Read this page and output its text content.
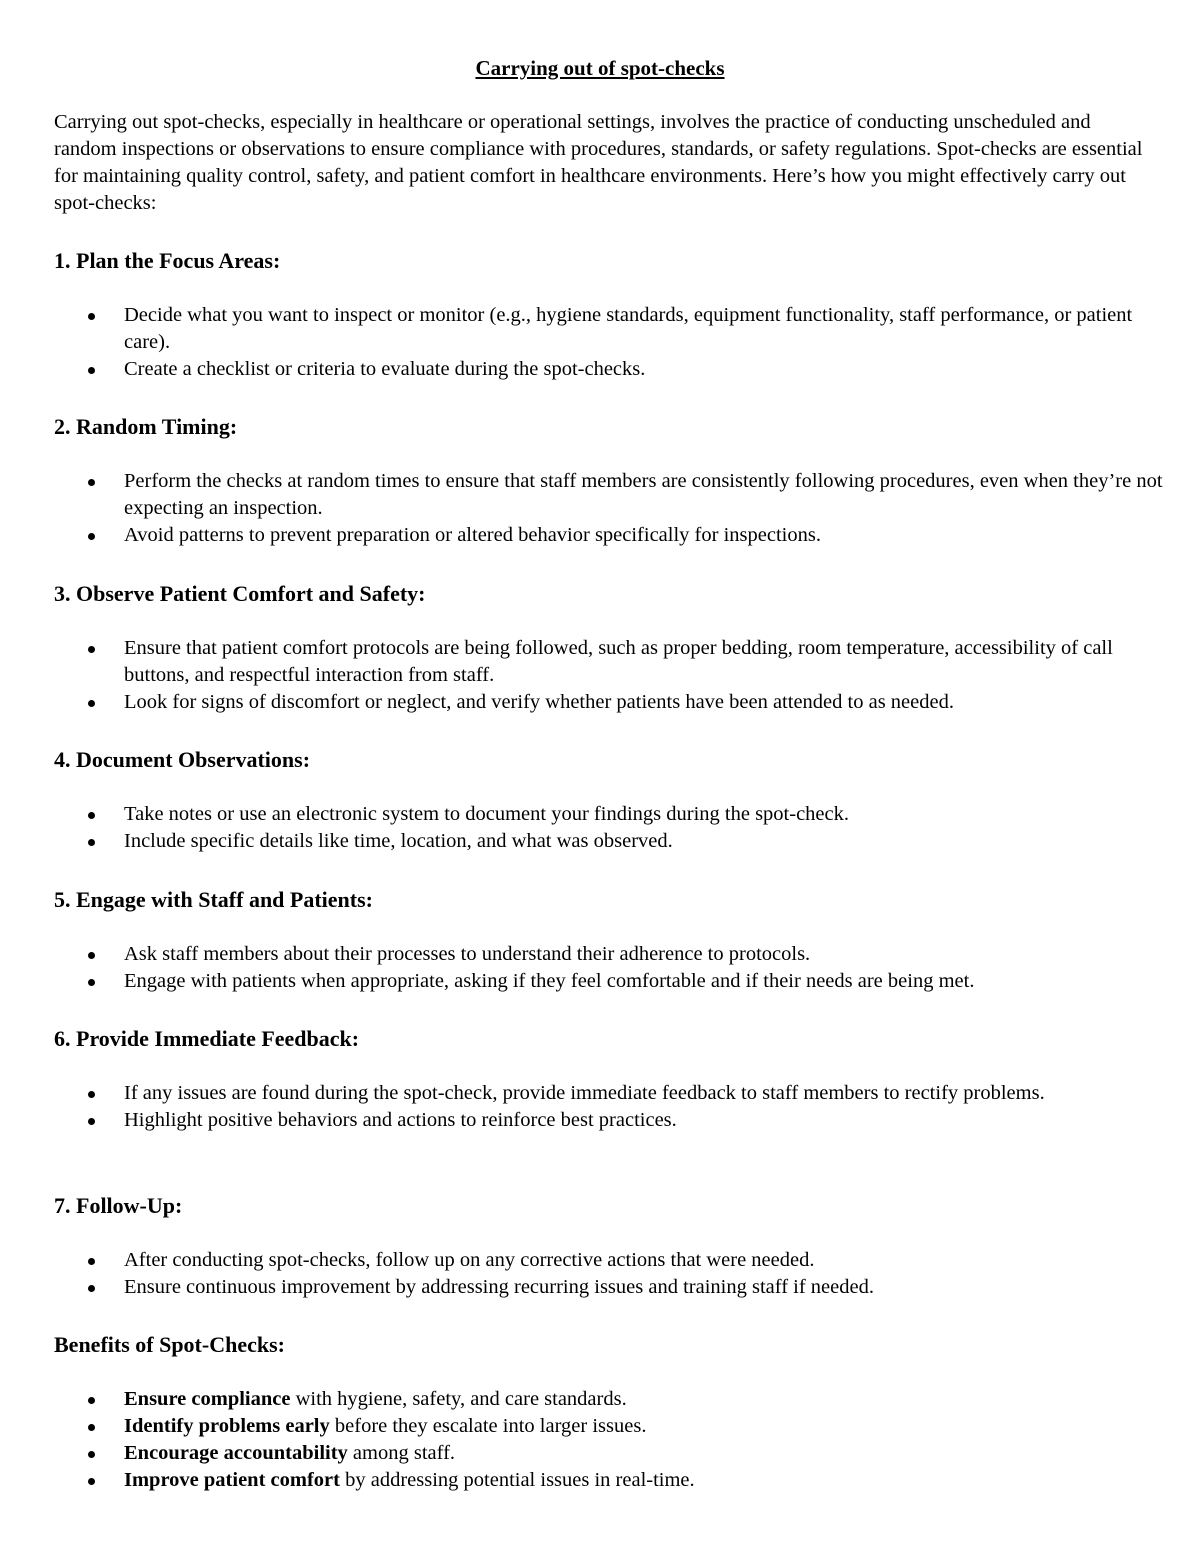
Carrying out of spot-checks

Carrying out spot-checks, especially in healthcare or operational settings, involves the practice of conducting unscheduled and random inspections or observations to ensure compliance with procedures, standards, or safety regulations. Spot-checks are essential for maintaining quality control, safety, and patient comfort in healthcare environments. Here’s how you might effectively carry out spot-checks:

1. Plan the Focus Areas:
Decide what you want to inspect or monitor (e.g., hygiene standards, equipment functionality, staff performance, or patient care).
Create a checklist or criteria to evaluate during the spot-checks.
2. Random Timing:
Perform the checks at random times to ensure that staff members are consistently following procedures, even when they’re not expecting an inspection.
Avoid patterns to prevent preparation or altered behavior specifically for inspections.
3. Observe Patient Comfort and Safety:
Ensure that patient comfort protocols are being followed, such as proper bedding, room temperature, accessibility of call buttons, and respectful interaction from staff.
Look for signs of discomfort or neglect, and verify whether patients have been attended to as needed.
4. Document Observations:
Take notes or use an electronic system to document your findings during the spot-check.
Include specific details like time, location, and what was observed.
5. Engage with Staff and Patients:
Ask staff members about their processes to understand their adherence to protocols.
Engage with patients when appropriate, asking if they feel comfortable and if their needs are being met.
6. Provide Immediate Feedback:
If any issues are found during the spot-check, provide immediate feedback to staff members to rectify problems.
Highlight positive behaviors and actions to reinforce best practices.
7. Follow-Up:
After conducting spot-checks, follow up on any corrective actions that were needed.
Ensure continuous improvement by addressing recurring issues and training staff if needed.
Benefits of Spot-Checks:
Ensure compliance with hygiene, safety, and care standards.
Identify problems early before they escalate into larger issues.
Encourage accountability among staff.
Improve patient comfort by addressing potential issues in real-time.
